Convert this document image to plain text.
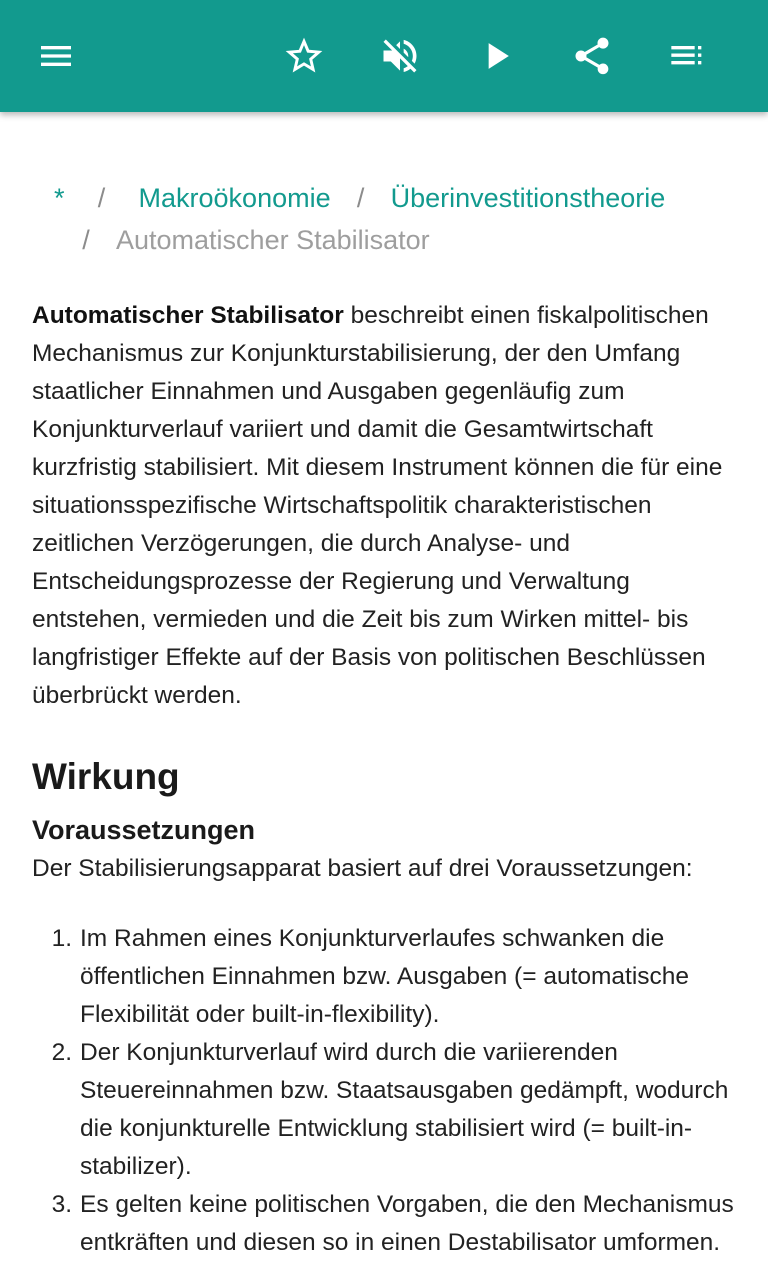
* / Makroökonomie / Überinvestitionstheorie
/ Automatischer Stabilisator

Automatischer Stabilisator beschreibt einen fiskalpolitischen Mechanismus zur Konjunkturstabilisierung, der den Umfang staatlicher Einnahmen und Ausgaben gegenläufig zum Konjunkturverlauf variiert und damit die Gesamtwirtschaft kurzfristig stabilisiert. Mit diesem Instrument können die für eine situationsspezifische Wirtschaftspolitik charakteristischen zeitlichen Verzögerungen, die durch Analyse- und Entscheidungsprozesse der Regierung und Verwaltung entstehen, vermieden und die Zeit bis zum Wirken mittel- bis langfristiger Effekte auf der Basis von politischen Beschlüssen überbrückt werden.

Wirkung
Voraussetzungen

Der Stabilisierungsapparat basiert auf drei Voraussetzungen:

1. Im Rahmen eines Konjunkturverlaufes schwanken die öffentlichen Einnahmen bzw. Ausgaben (= automatische Flexibilität oder built-in-flexibility).
2. Der Konjunkturverlauf wird durch die variierenden Steuereinnahmen bzw. Staatsausgaben gedämpft, wodurch die konjunkturelle Entwicklung stabilisiert wird (= built-in-stabilizer).
3. Es gelten keine politischen Vorgaben, die den Mechanismus entkräften und diesen so in einen Destabilisator umformen.
